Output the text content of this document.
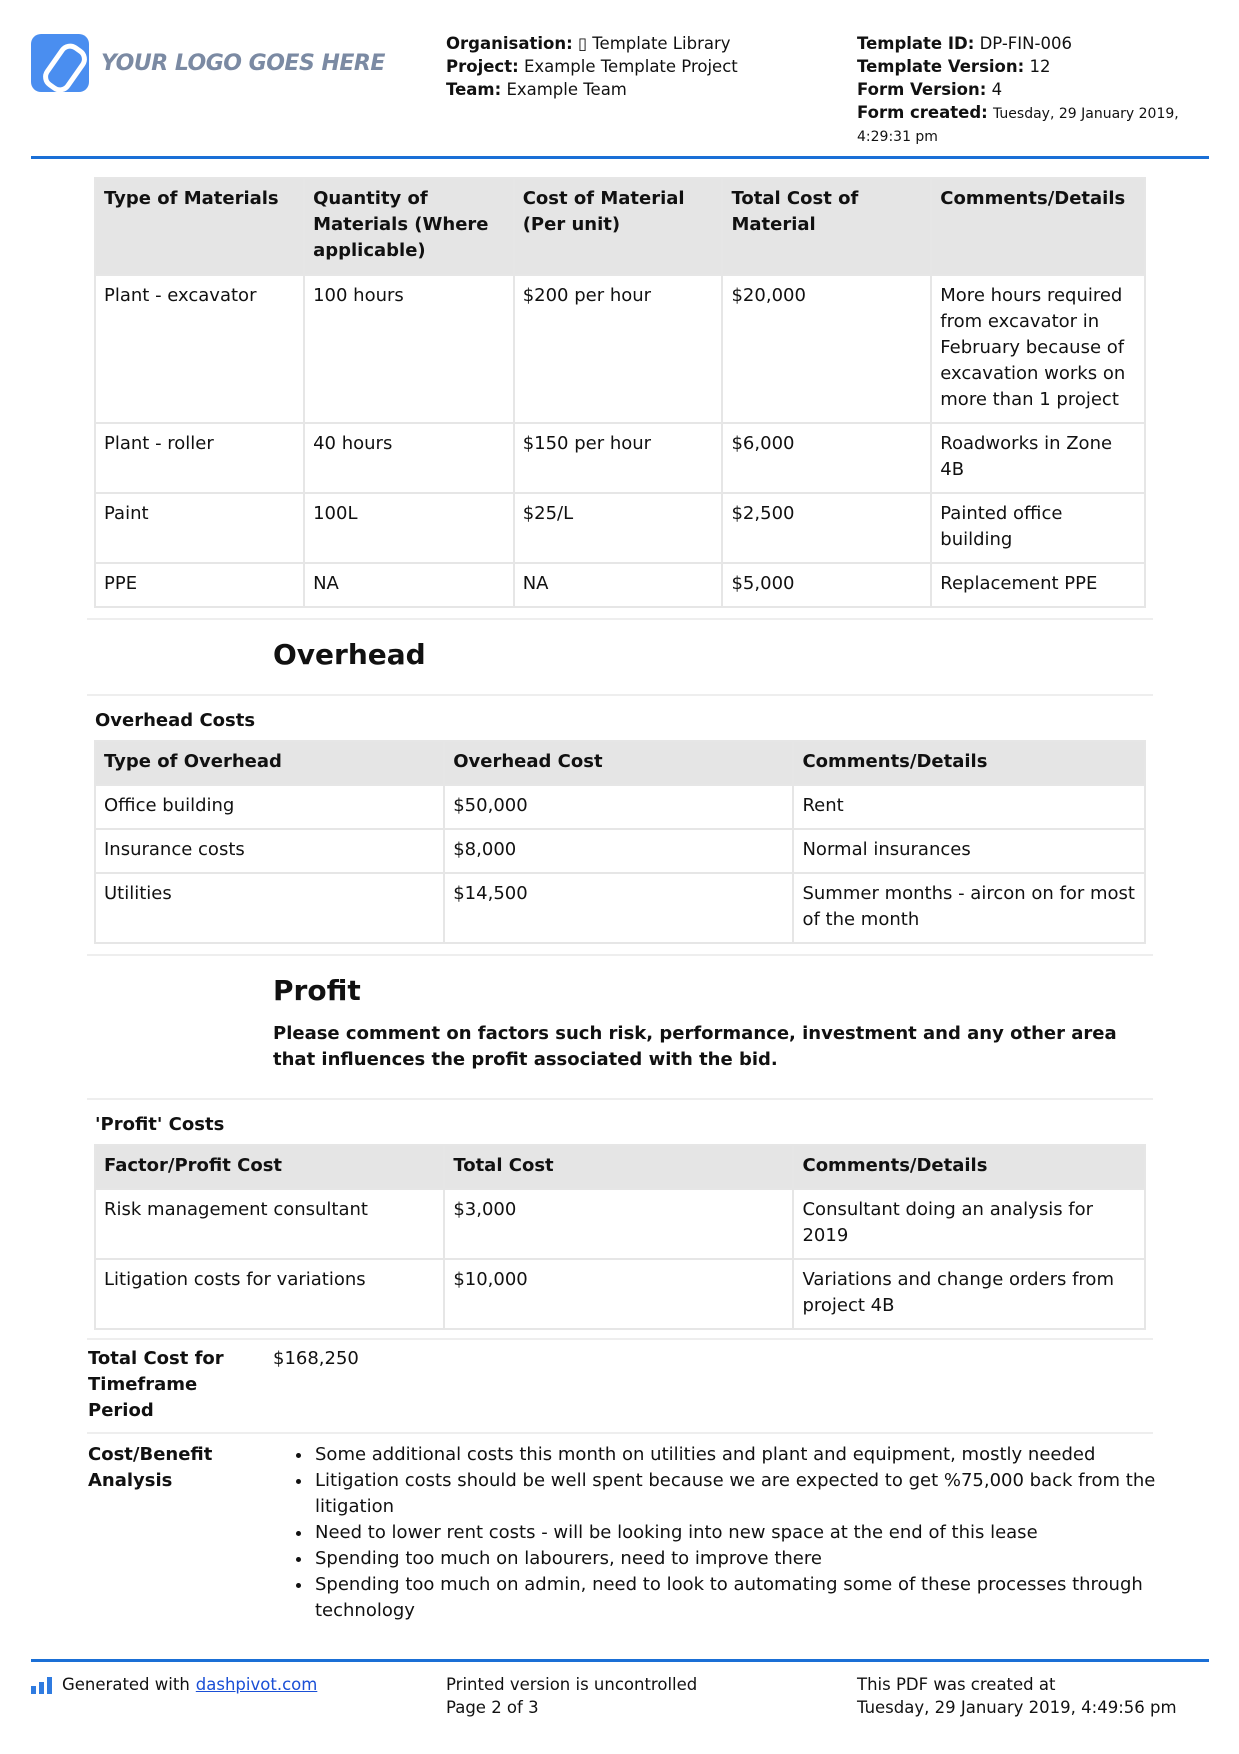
YOUR LOGO GOES HERE
Organisation: ▯ Template Library
Project: Example Template Project
Team: Example Team
Template ID: DP-FIN-006
Template Version: 12
Form Version: 4
Form created: Tuesday, 29 January 2019,
4:29:31 pm
Type of Materials	Quantity of Materials (Where applicable)	Cost of Material (Per unit)	Total Cost of Material	Comments/Details
Plant - excavator	100 hours	$200 per hour	$20,000	More hours required from excavator in February because of excavation works on more than 1 project
Plant - roller	40 hours	$150 per hour	$6,000	Roadworks in Zone 4B
Paint	100L	$25/L	$2,500	Painted office building
PPE	NA	NA	$5,000	Replacement PPE
Overhead
Overhead Costs
Type of Overhead	Overhead Cost	Comments/Details
Office building	$50,000	Rent
Insurance costs	$8,000	Normal insurances
Utilities	$14,500	Summer months - aircon on for most of the month
Profit
Please comment on factors such risk, performance, investment and any other area that influences the profit associated with the bid.
'Profit' Costs
Factor/Profit Cost	Total Cost	Comments/Details
Risk management consultant	$3,000	Consultant doing an analysis for 2019
Litigation costs for variations	$10,000	Variations and change orders from project 4B
Total Cost for Timeframe Period
$168,250
Cost/Benefit Analysis
• Some additional costs this month on utilities and plant and equipment, mostly needed
• Litigation costs should be well spent because we are expected to get %75,000 back from the litigation
• Need to lower rent costs - will be looking into new space at the end of this lease
• Spending too much on labourers, need to improve there
• Spending too much on admin, need to look to automating some of these processes through technology
Generated with dashpivot.com	Printed version is uncontrolled
Page 2 of 3
This PDF was created at
Tuesday, 29 January 2019, 4:49:56 pm
